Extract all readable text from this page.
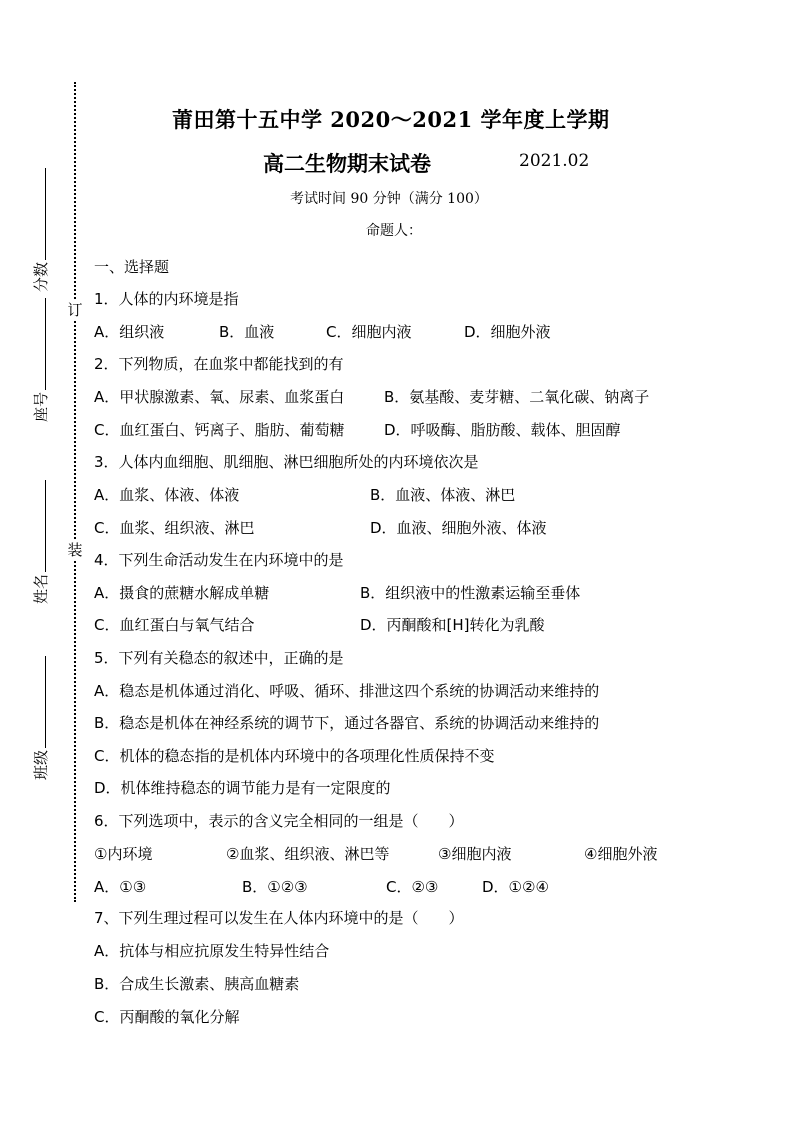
订
装
分数
座号
姓名
班级
莆田第十五中学 2020～2021 学年度上学期
高二生物期末试卷	2021.02
考试时间 90 分钟（满分 100）
命题人：
一、选择题
1．人体的内环境是指
A．组织液	B．血液	C．细胞内液	D．细胞外液
2．下列物质，在血浆中都能找到的有
A．甲状腺激素、氧、尿素、血浆蛋白	B．氨基酸、麦芽糖、二氧化碳、钠离子
C．血红蛋白、钙离子、脂肪、葡萄糖	D．呼吸酶、脂肪酸、载体、胆固醇
3．人体内血细胞、肌细胞、淋巴细胞所处的内环境依次是
A．血浆、体液、体液	B．血液、体液、淋巴
C．血浆、组织液、淋巴	D．血液、细胞外液、体液
4．下列生命活动发生在内环境中的是
A．摄食的蔗糖水解成单糖	B．组织液中的性激素运输至垂体
C．血红蛋白与氧气结合	D．丙酮酸和[H]转化为乳酸
5．下列有关稳态的叙述中，正确的是
A．稳态是机体通过消化、呼吸、循环、排泄这四个系统的协调活动来维持的
B．稳态是机体在神经系统的调节下，通过各器官、系统的协调活动来维持的
C．机体的稳态指的是机体内环境中的各项理化性质保持不变
D．机体维持稳态的调节能力是有一定限度的
6．下列选项中，表示的含义完全相同的一组是（　　）
①内环境	②血浆、组织液、淋巴等	③细胞内液	④细胞外液
A．①③	B．①②③	C．②③	D．①②④
7、下列生理过程可以发生在人体内环境中的是（　　）
A．抗体与相应抗原发生特异性结合
B．合成生长激素、胰高血糖素
C．丙酮酸的氧化分解
